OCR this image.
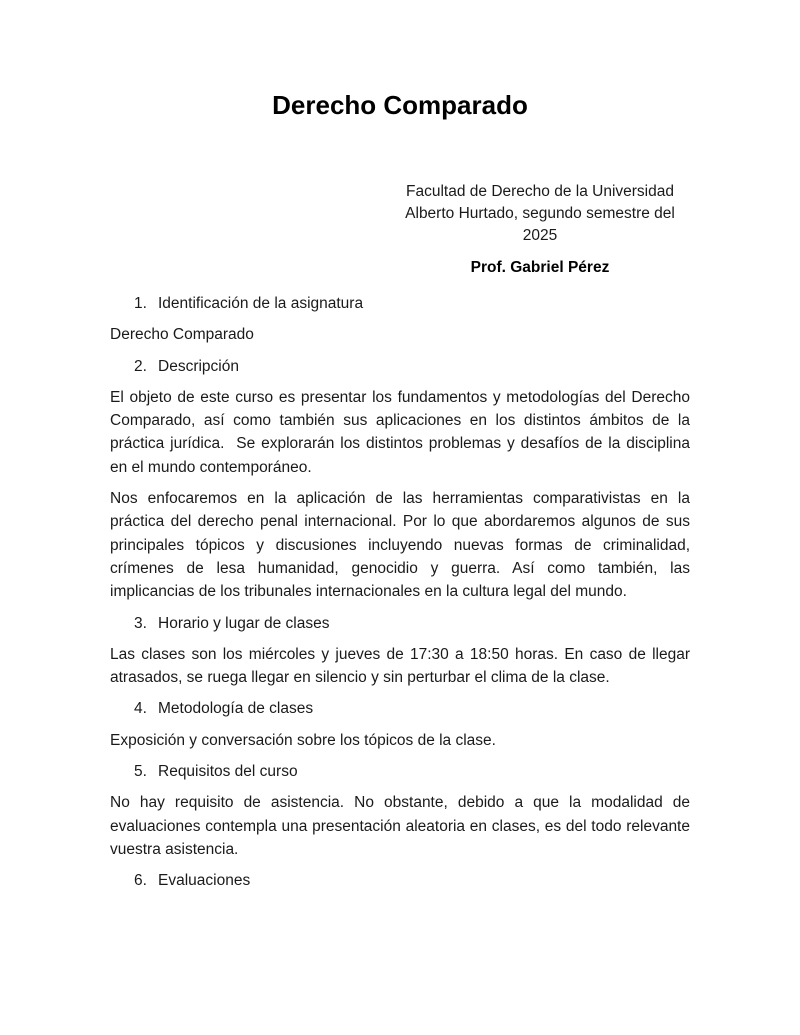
Derecho Comparado
Facultad de Derecho de la Universidad
Alberto Hurtado, segundo semestre del
2025
Prof. Gabriel Pérez
1. Identificación de la asignatura

Derecho Comparado

2. Descripción

El objeto de este curso es presentar los fundamentos y metodologías del Derecho Comparado, así como también sus aplicaciones en los distintos ámbitos de la práctica jurídica.  Se explorarán los distintos problemas y desafíos de la disciplina en el mundo contemporáneo.

Nos enfocaremos en la aplicación de las herramientas comparativistas en la práctica del derecho penal internacional. Por lo que abordaremos algunos de sus principales tópicos y discusiones incluyendo nuevas formas de criminalidad, crímenes de lesa humanidad, genocidio y guerra. Así como también, las implicancias de los tribunales internacionales en la cultura legal del mundo.

3. Horario y lugar de clases

Las clases son los miércoles y jueves de 17:30 a 18:50 horas. En caso de llegar atrasados, se ruega llegar en silencio y sin perturbar el clima de la clase.

4. Metodología de clases

Exposición y conversación sobre los tópicos de la clase.

5. Requisitos del curso

No hay requisito de asistencia. No obstante, debido a que la modalidad de evaluaciones contempla una presentación aleatoria en clases, es del todo relevante vuestra asistencia.

6. Evaluaciones
